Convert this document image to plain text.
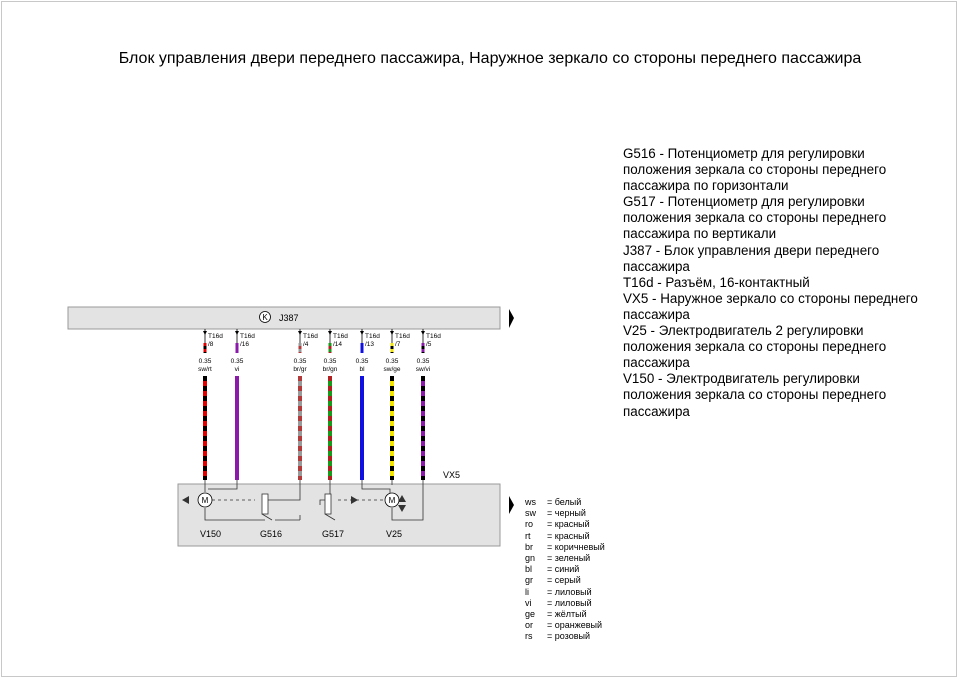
Блок управления двери переднего пассажира, Наружное зеркало со стороны переднего пассажира
G516 - Потенциометр для регулировки положения зеркала со стороны переднего пассажира по горизонтали
G517 - Потенциометр для регулировки положения зеркала со стороны переднего пассажира по вертикали
J387 - Блок управления двери переднего пассажира
T16d - Разъём, 16-контактный
VX5 - Наружное зеркало со стороны переднего пассажира
V25 - Электродвигатель 2 регулировки положения зеркала со стороны переднего пассажира
V150 - Электродвигатель регулировки положения зеркала со стороны переднего пассажира
ws	= белый
sw	= черный
ro	= красный
rt	= красный
br	= коричневый
gn	= зеленый
bl	= синий
gr	= серый
li	= лиловый
vi	= лиловый
ge	= жёлтый
or	= оранжевый
rs	= розовый
K J387
VX5
T16d
/8
0.35
sw/rt
T16d
/16
0.35
vi
T16d
/4
0.35
br/gr
T16d
/14
0.35
br/gn
T16d
/13
0.35
bl
T16d
/7
0.35
sw/ge
T16d
/5
0.35
sw/vi
M
V150	G516	G517
M
V25
